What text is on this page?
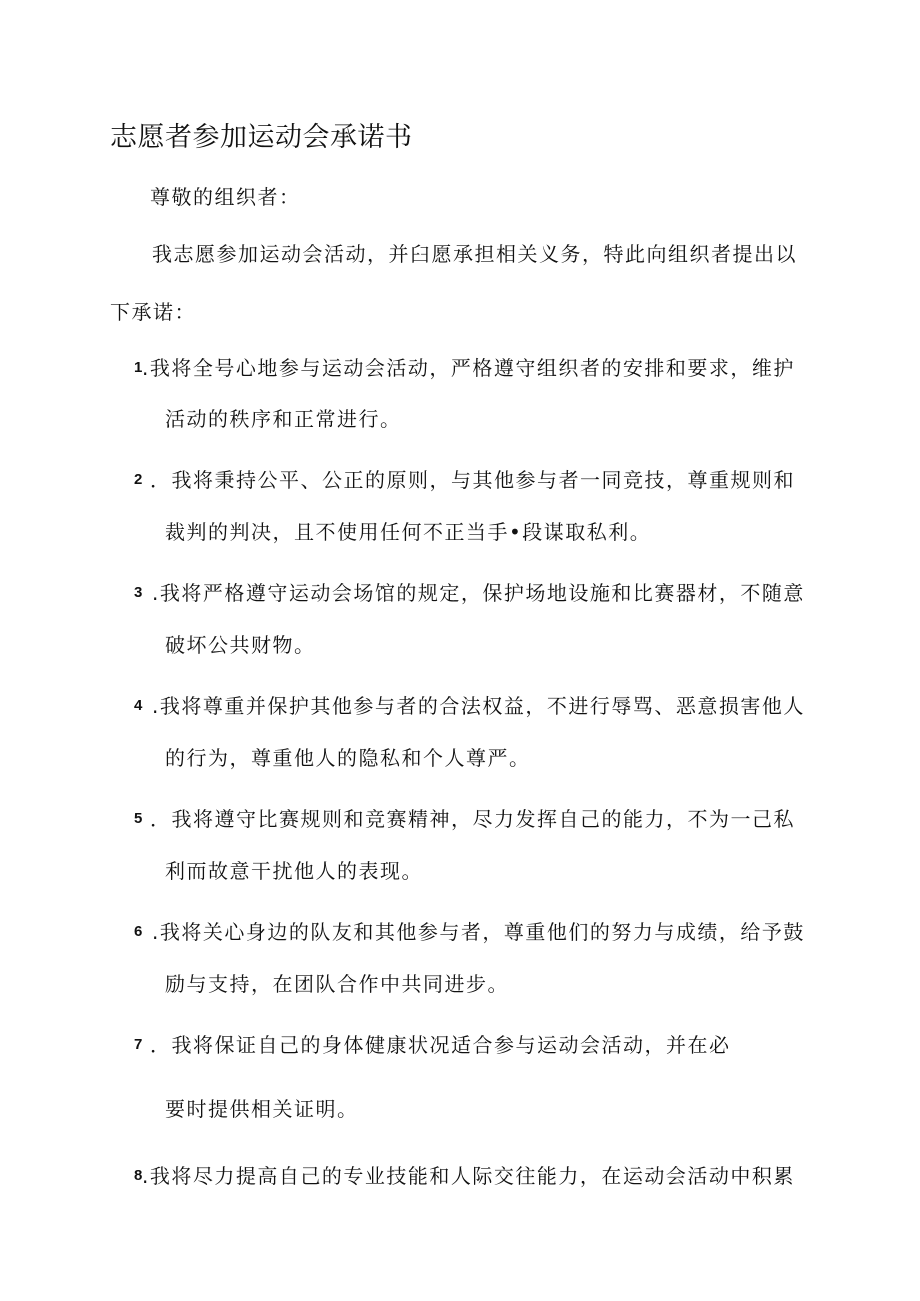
志愿者参加运动会承诺书
尊敬的组织者：
我志愿参加运动会活动，并臼愿承担相关义务，特此向组织者提出以
下承诺：
1 .我将全号心地参与运动会活动，严格遵守组织者的安排和要求，维护
活动的秩序和正常进行。
2 ．我将秉持公平、公正的原则，与其他参与者一同竞技，尊重规则和
裁判的判决，且不使用任何不正当手•段谋取私利。
3 .我将严格遵守运动会场馆的规定，保护场地设施和比赛器材，不随意
破坏公共财物。
4 .我将尊重并保护其他参与者的合法权益，不进行辱骂、恶意损害他人
的行为，尊重他人的隐私和个人尊严。
5 ．我将遵守比赛规则和竞赛精神，尽力发挥自己的能力，不为一己私
利而故意干扰他人的表现。
6 .我将关心身边的队友和其他参与者，尊重他们的努力与成绩，给予鼓
励与支持，在团队合作中共同进步。
7 ．我将保证自己的身体健康状况适合参与运动会活动，并在必
要时提供相关证明。
8 .我将尽力提高自己的专业技能和人际交往能力，在运动会活动中积累
